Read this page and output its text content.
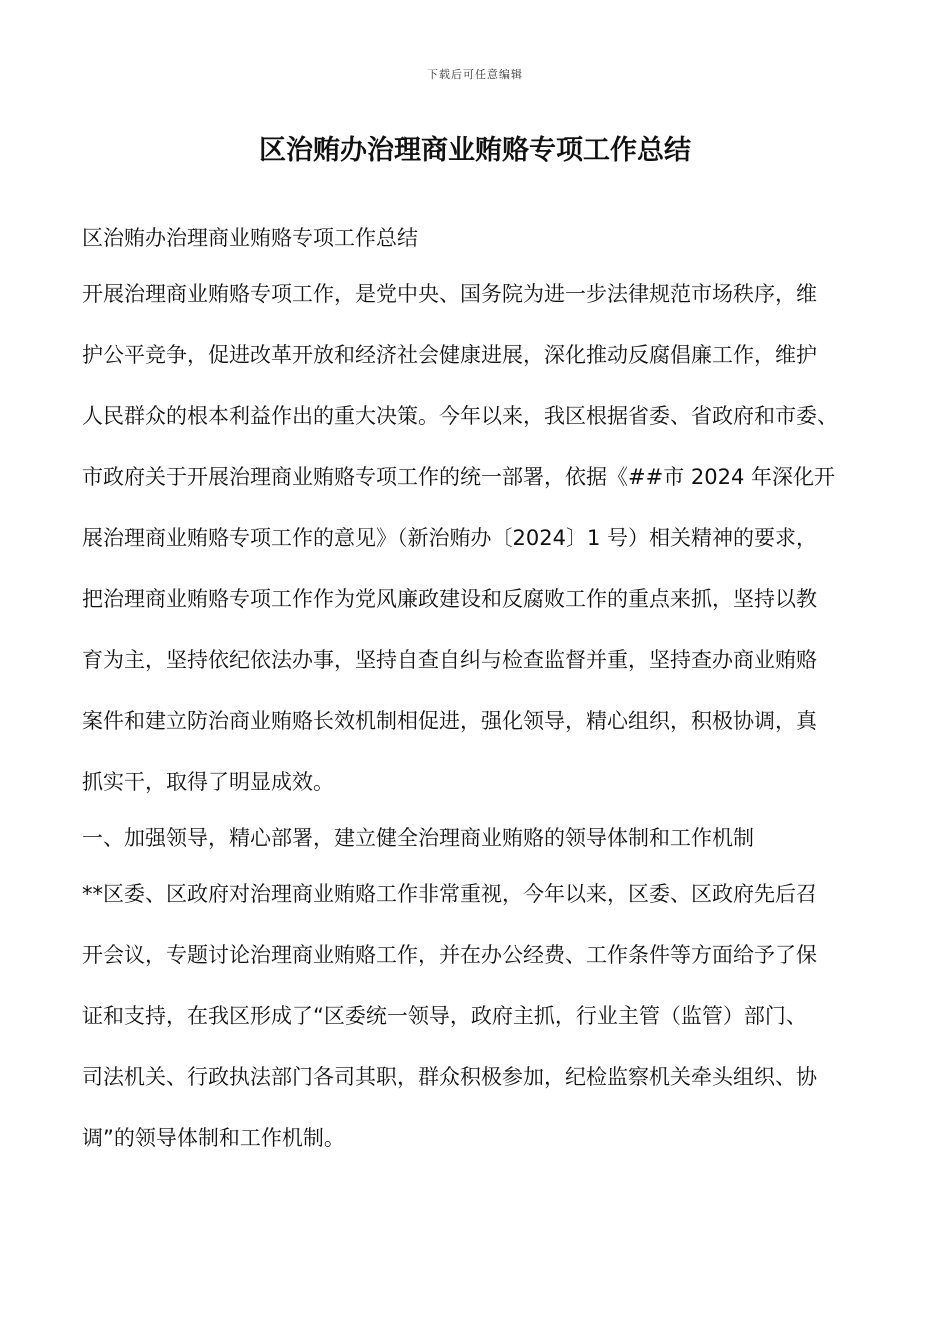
下载后可任意编辑
区治贿办治理商业贿赂专项工作总结
区治贿办治理商业贿赂专项工作总结
开展治理商业贿赂专项工作，是党中央、国务院为进一步法律规范市场秩序，维
护公平竞争，促进改革开放和经济社会健康进展，深化推动反腐倡廉工作，维护
人民群众的根本利益作出的重大决策。今年以来，我区根据省委、省政府和市委、
市政府关于开展治理商业贿赂专项工作的统一部署，依据《##市 2024 年深化开
展治理商业贿赂专项工作的意见》（新治贿办〔2024〕1 号）相关精神的要求，
把治理商业贿赂专项工作作为党风廉政建设和反腐败工作的重点来抓，坚持以教
育为主，坚持依纪依法办事，坚持自查自纠与检查监督并重，坚持查办商业贿赂
案件和建立防治商业贿赂长效机制相促进，强化领导，精心组织，积极协调，真
抓实干，取得了明显成效。
一、加强领导，精心部署，建立健全治理商业贿赂的领导体制和工作机制
**区委、区政府对治理商业贿赂工作非常重视，今年以来，区委、区政府先后召
开会议，专题讨论治理商业贿赂工作，并在办公经费、工作条件等方面给予了保
证和支持，在我区形成了“区委统一领导，政府主抓，行业主管（监管）部门、
司法机关、行政执法部门各司其职，群众积极参加，纪检监察机关牵头组织、协
调”的领导体制和工作机制。
